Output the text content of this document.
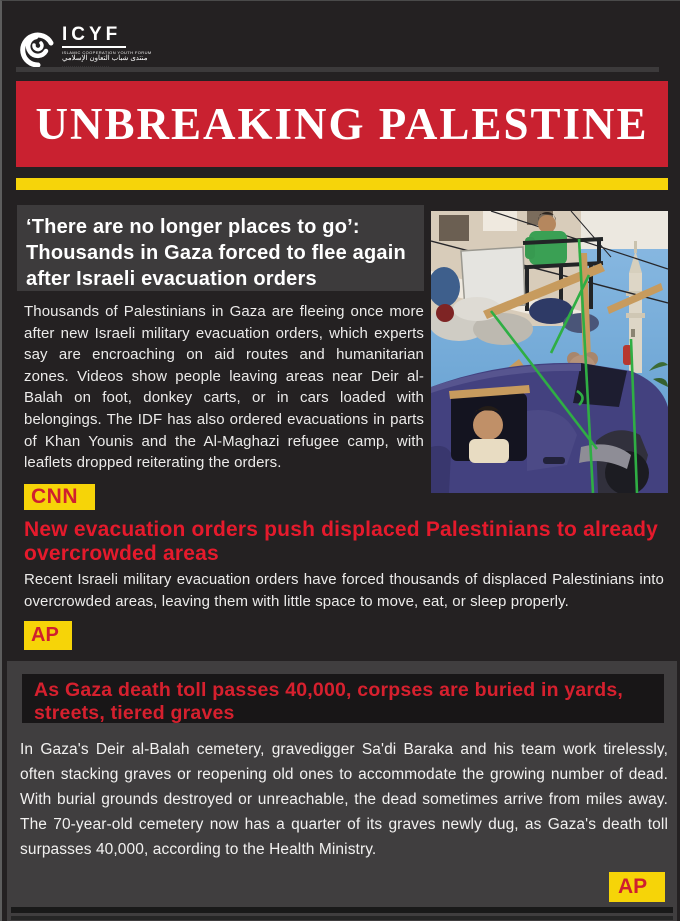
ICYF
ISLAMIC COOPERATION YOUTH FORUM
منتدى شباب التعاون الإسلامي
ˌˌˌˌˌˌˌˌˌˌˌˌˌˌˌˌˌˌˌˌˌˌˌˌ
UNBREAKING PALESTINE
‘There are no longer places to go’: Thousands in Gaza forced to flee again after Israeli evacuation orders
Thousands of Palestinians in Gaza are fleeing once more after new Israeli military evacuation orders, which experts say are encroaching on aid routes and humanitarian zones. Videos show people leaving areas near Deir al-Balah on foot, donkey carts, or in cars loaded with belongings. The IDF has also ordered evacuations in parts of Khan Younis and the Al-Maghazi refugee camp, with leaflets dropped reiterating the orders.
CNN
New evacuation orders push displaced Palestinians to already overcrowded areas
Recent Israeli military evacuation orders have forced thousands of displaced Palestinians into overcrowded areas, leaving them with little space to move, eat, or sleep properly.
AP
As Gaza death toll passes 40,000, corpses are buried in yards, streets, tiered graves
In Gaza's Deir al-Balah cemetery, gravedigger Sa'di Baraka and his team work tirelessly, often stacking graves or reopening old ones to accommodate the growing number of dead. With burial grounds destroyed or unreachable, the dead sometimes arrive from miles away. The 70-year-old cemetery now has a quarter of its graves newly dug, as Gaza's death toll surpasses 40,000, according to the Health Ministry.
AP
